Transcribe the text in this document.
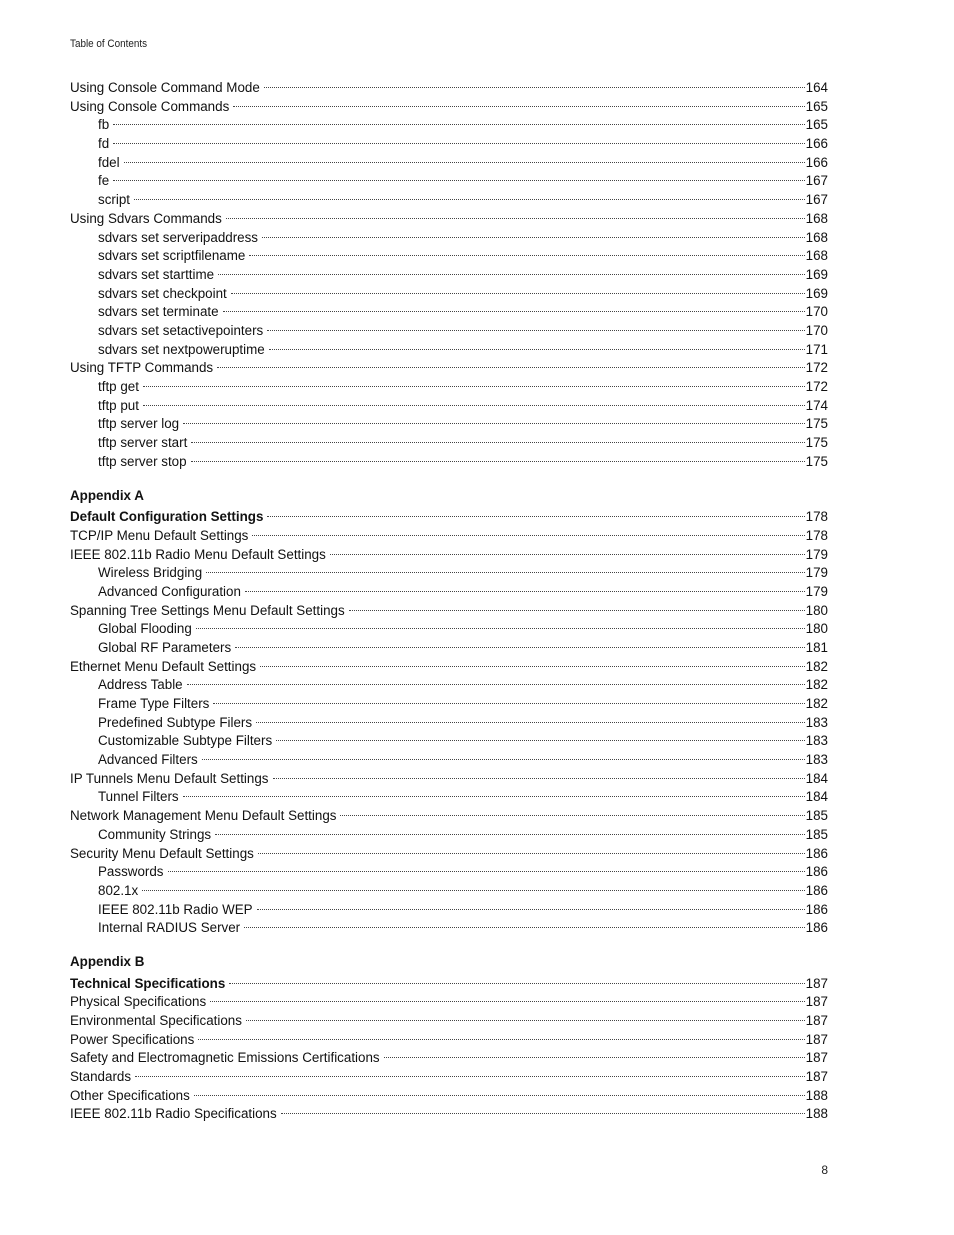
Table of Contents
Using Console Command Mode	164
Using Console Commands	165
fb	165
fd	166
fdel	166
fe	167
script	167
Using Sdvars Commands	168
sdvars set serveripaddress	168
sdvars set scriptfilename	168
sdvars set starttime	169
sdvars set checkpoint	169
sdvars set terminate	170
sdvars set setactivepointers	170
sdvars set nextpoweruptime	171
Using TFTP Commands	172
tftp get	172
tftp put	174
tftp server log	175
tftp server start	175
tftp server stop	175
Appendix A
Default Configuration Settings	178
TCP/IP Menu Default Settings	178
IEEE 802.11b Radio Menu Default Settings	179
Wireless Bridging	179
Advanced Configuration	179
Spanning Tree Settings Menu Default Settings	180
Global Flooding	180
Global RF Parameters	181
Ethernet Menu Default Settings	182
Address Table	182
Frame Type Filters	182
Predefined Subtype Filers	183
Customizable Subtype Filters	183
Advanced Filters	183
IP Tunnels Menu Default Settings	184
Tunnel Filters	184
Network Management Menu Default Settings	185
Community Strings	185
Security Menu Default Settings	186
Passwords	186
802.1x	186
IEEE 802.11b Radio WEP	186
Internal RADIUS Server	186
Appendix B
Technical Specifications	187
Physical Specifications	187
Environmental Specifications	187
Power Specifications	187
Safety and Electromagnetic Emissions Certifications	187
Standards	187
Other Specifications	188
IEEE 802.11b Radio Specifications	188
8
